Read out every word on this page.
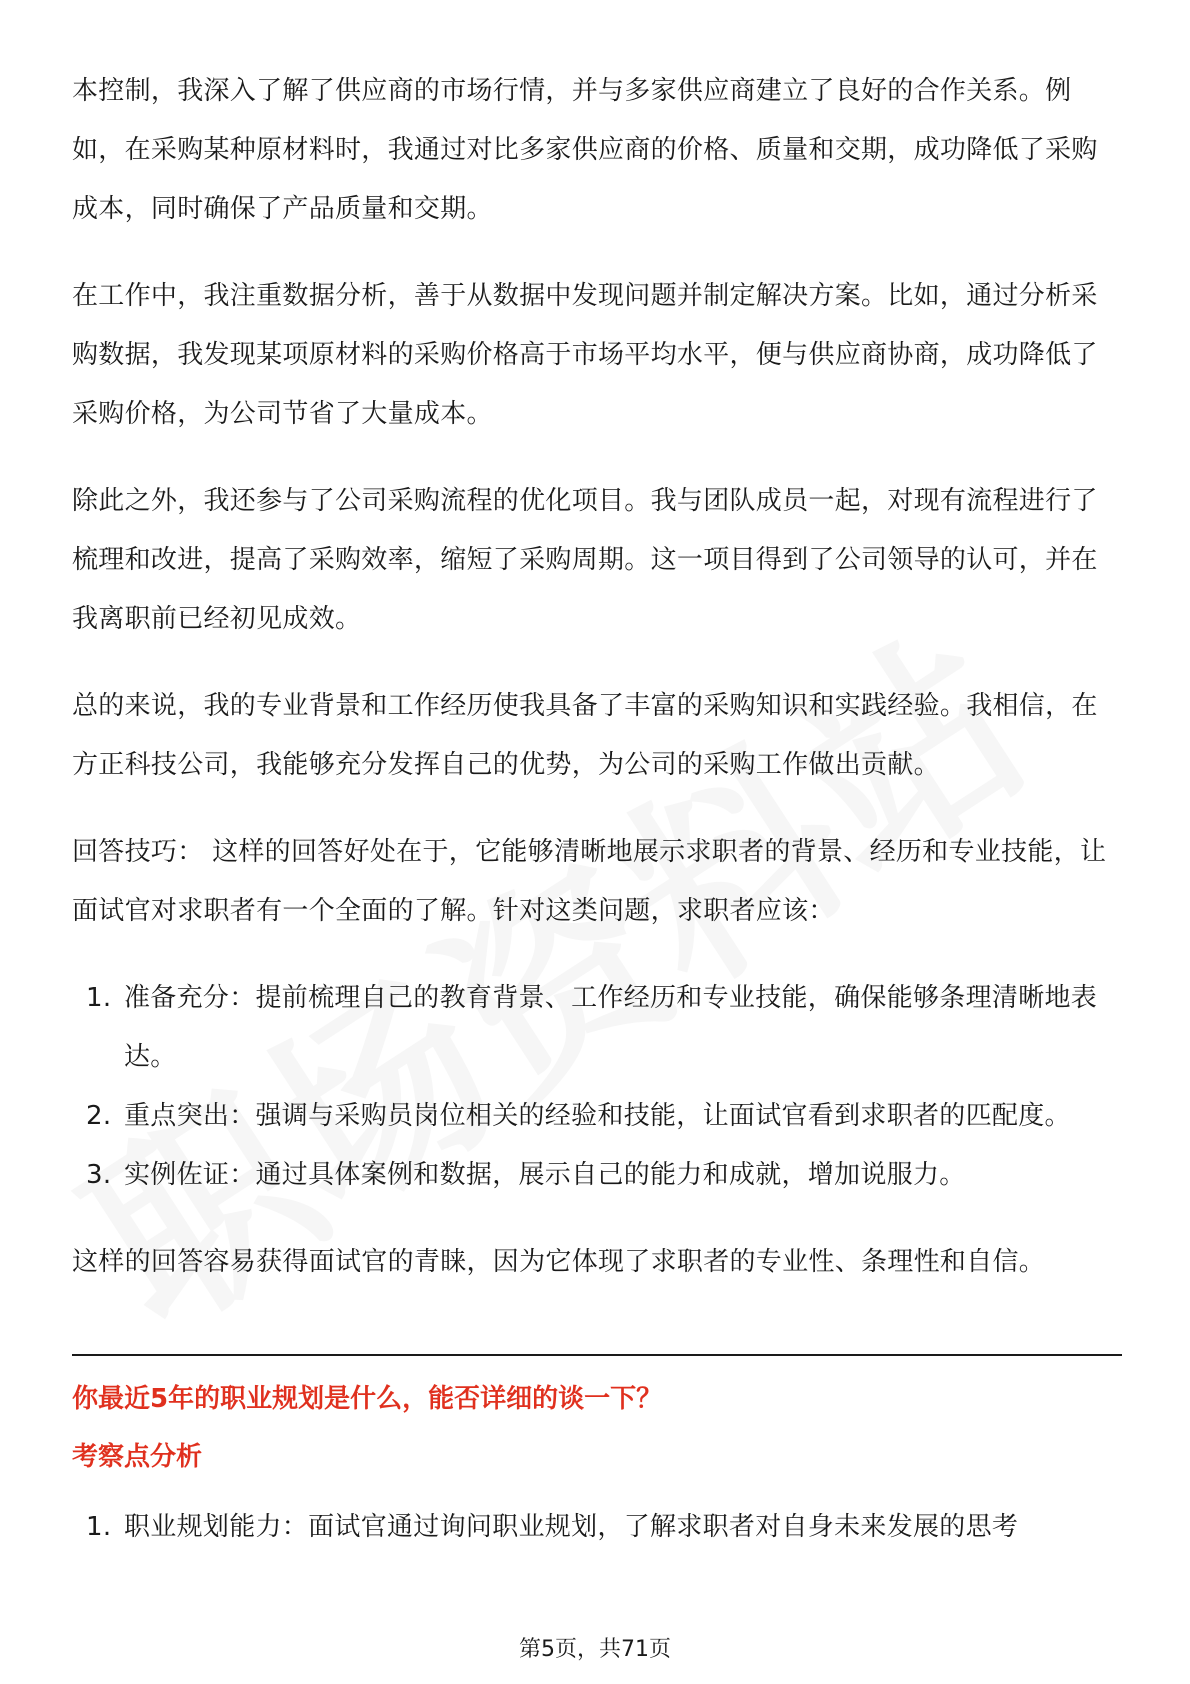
本控制，我深入了解了供应商的市场行情，并与多家供应商建立了良好的合作关系。例如，在采购某种原材料时，我通过对比多家供应商的价格、质量和交期，成功降低了采购成本，同时确保了产品质量和交期。

在工作中，我注重数据分析，善于从数据中发现问题并制定解决方案。比如，通过分析采购数据，我发现某项原材料的采购价格高于市场平均水平，便与供应商协商，成功降低了采购价格，为公司节省了大量成本。

除此之外，我还参与了公司采购流程的优化项目。我与团队成员一起，对现有流程进行了梳理和改进，提高了采购效率，缩短了采购周期。这一项目得到了公司领导的认可，并在我离职前已经初见成效。

总的来说，我的专业背景和工作经历使我具备了丰富的采购知识和实践经验。我相信，在方正科技公司，我能够充分发挥自己的优势，为公司的采购工作做出贡献。

回答技巧： 这样的回答好处在于，它能够清晰地展示求职者的背景、经历和专业技能，让面试官对求职者有一个全面的了解。针对这类问题，求职者应该：

1. 准备充分：提前梳理自己的教育背景、工作经历和专业技能，确保能够条理清晰地表达。
2. 重点突出：强调与采购员岗位相关的经验和技能，让面试官看到求职者的匹配度。
3. 实例佐证：通过具体案例和数据，展示自己的能力和成就，增加说服力。

这样的回答容易获得面试官的青睐，因为它体现了求职者的专业性、条理性和自信。

你最近5年的职业规划是什么，能否详细的谈一下？

考察点分析

1. 职业规划能力：面试官通过询问职业规划，了解求职者对自身未来发展的思考
第5页，共71页
